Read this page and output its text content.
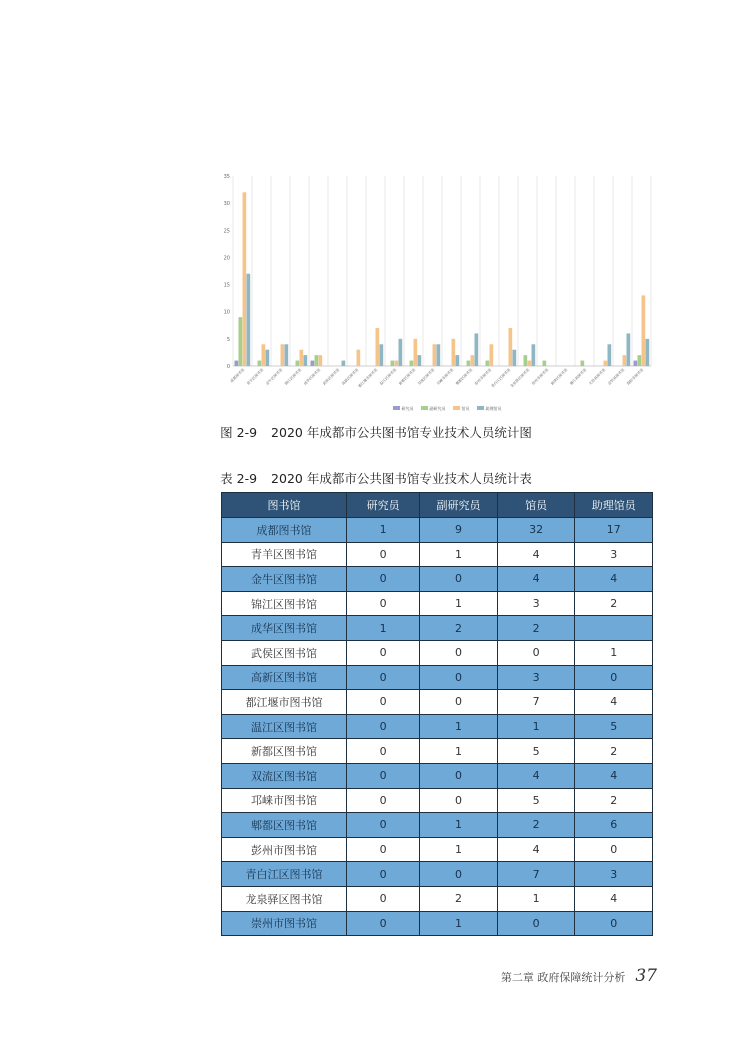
0
5
10
15
20
25
30
35
成都图书馆 青羊区图书馆 金牛区图书馆 锦江区图书馆 成华区图书馆 武侯区图书馆 高新区图书馆
都江堰市图书馆 温江区图书馆 新都区图书馆 双流区图书馆 邛崃市图书馆 郫都区图书馆 彭州市图书馆
青白江区图书馆
龙泉驿区图书馆 崇州市图书馆 新津区图书馆 蒲江县图书馆 大邑县图书馆 金堂县图书馆 简阳市图书馆
研究员	副研究员	馆员	助理馆员
图 2-9 2020 年成都市公共图书馆专业技术人员统计图
表 2-9 2020 年成都市公共图书馆专业技术人员统计表
图书馆	研究员	副研究员	馆员	助理馆员
成都图书馆	1	9	32	17
青羊区图书馆	0	1	4	3
金牛区图书馆	0	0	4	4
锦江区图书馆	0	1	3	2
成华区图书馆	1	2	2	
武侯区图书馆	0	0	0	1
高新区图书馆	0	0	3	0
都江堰市图书馆	0	0	7	4
温江区图书馆	0	1	1	5
新都区图书馆	0	1	5	2
双流区图书馆	0	0	4	4
邛崃市图书馆	0	0	5	2
郫都区图书馆	0	1	2	6
彭州市图书馆	0	1	4	0
青白江区图书馆	0	0	7	3
龙泉驿区图书馆	0	2	1	4
崇州市图书馆	0	1	0	0
第二章 政府保障统计分析 37
